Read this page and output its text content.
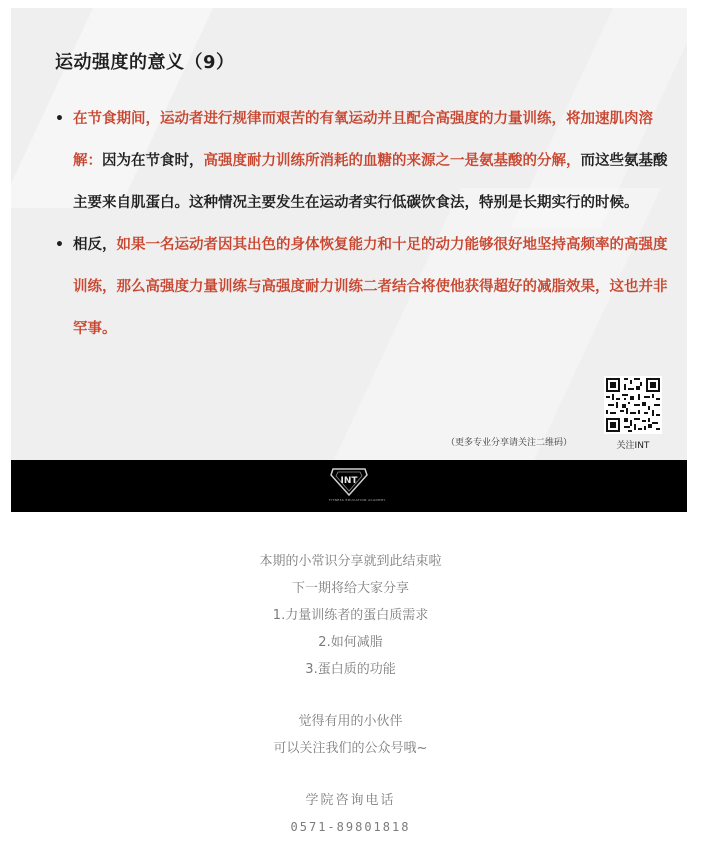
运动强度的意义（9）
• 在节食期间，运动者进行规律而艰苦的有氧运动并且配合高强度的力量训练，将加速肌肉溶解：因为在节食时，高强度耐力训练所消耗的血糖的来源之一是氨基酸的分解，而这些氨基酸主要来自肌蛋白。这种情况主要发生在运动者实行低碳饮食法，特别是长期实行的时候。
• 相反，如果一名运动者因其出色的身体恢复能力和十足的动力能够很好地坚持高频率的高强度训练，那么高强度力量训练与高强度耐力训练二者结合将使他获得超好的减脂效果，这也并非罕事。
（更多专业分享请关注二维码）	关注INT
INT
FITNESS EDUCATION ACADEMY
本期的小常识分享就到此结束啦
下一期将给大家分享
1.力量训练者的蛋白质需求
2.如何减脂
3.蛋白质的功能
觉得有用的小伙伴
可以关注我们的公众号哦~
学院咨询电话
0571-89801818
